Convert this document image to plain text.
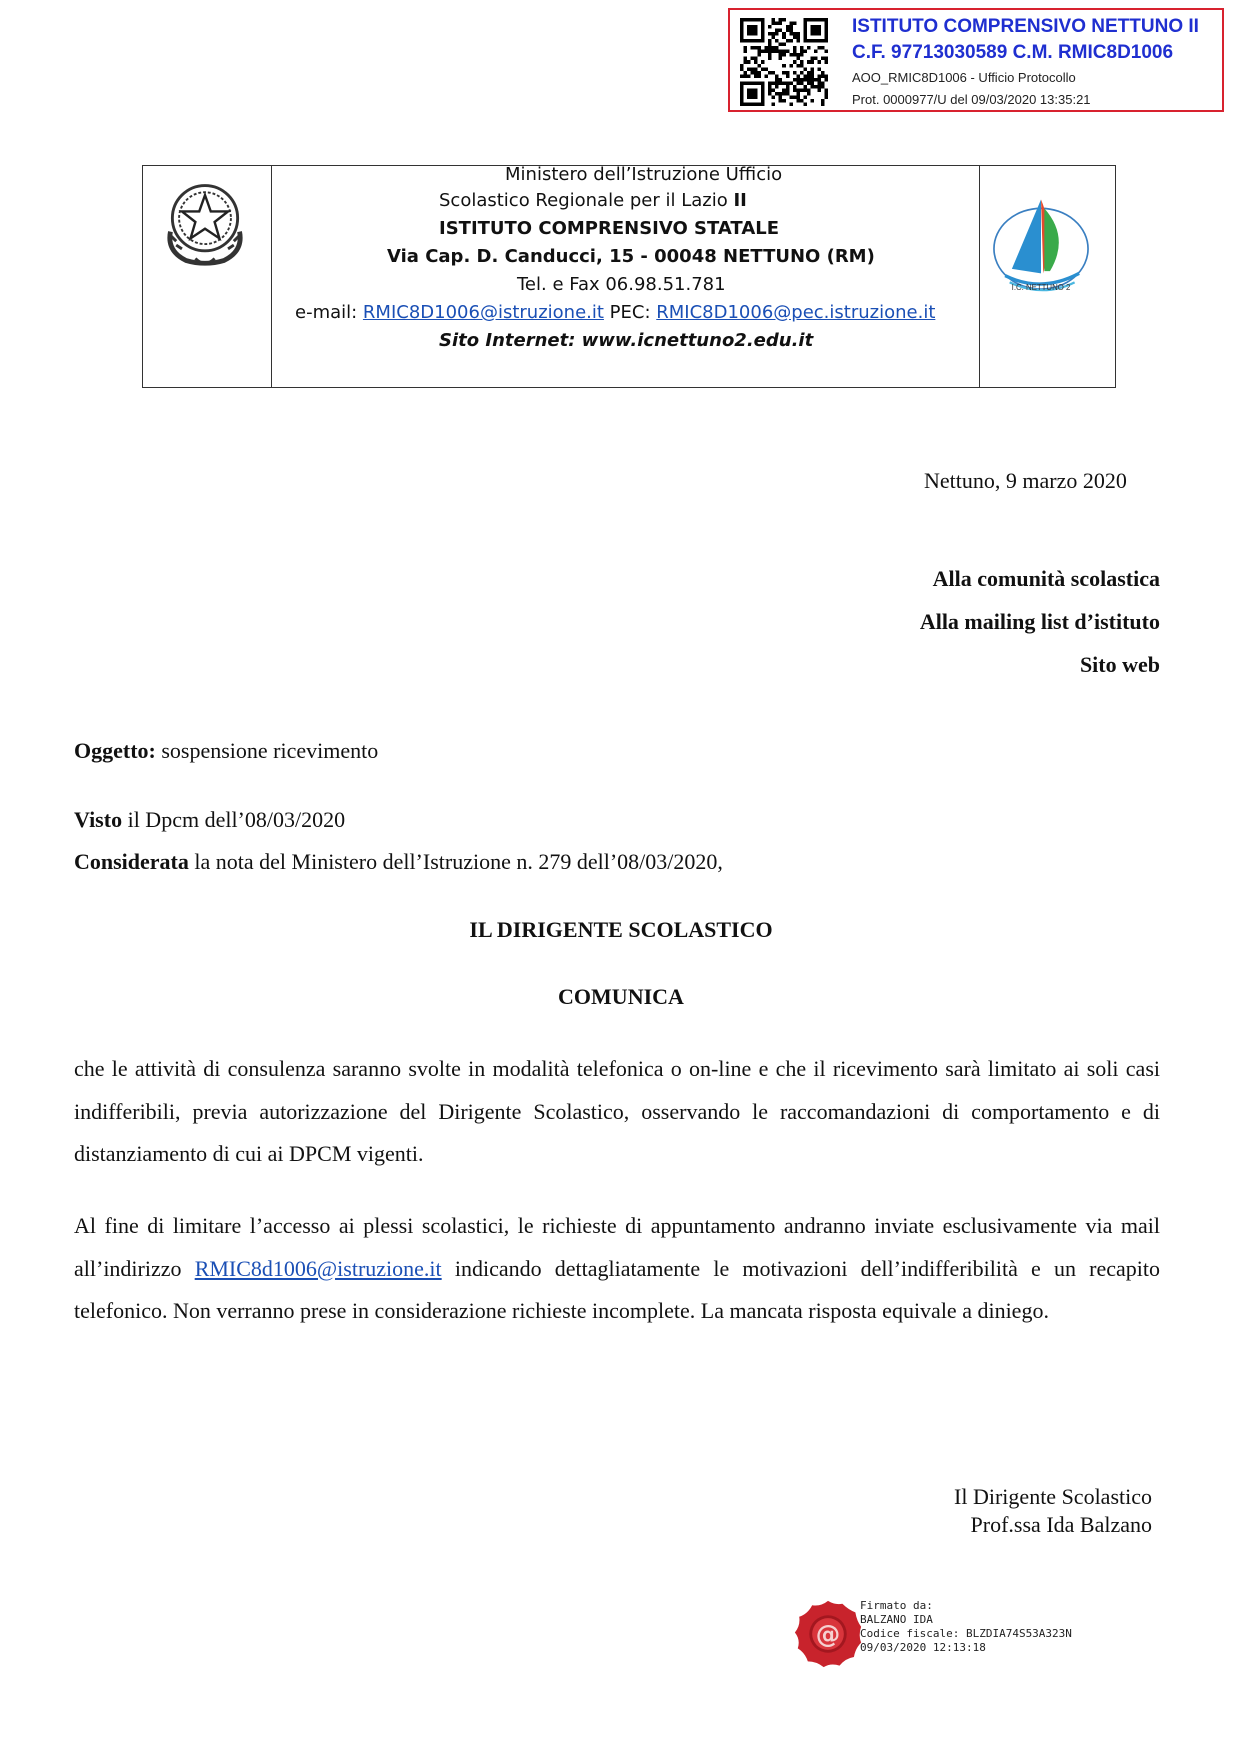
ISTITUTO COMPRENSIVO NETTUNO II
C.F. 97713030589 C.M. RMIC8D1006
AOO_RMIC8D1006 - Ufficio Protocollo
Prot. 0000977/U del 09/03/2020 13:35:21
Ministero dell’Istruzione Ufficio
Scolastico Regionale per il Lazio II
ISTITUTO COMPRENSIVO STATALE
Via Cap. D. Canducci, 15 - 00048 NETTUNO (RM)
Tel. e Fax 06.98.51.781
e-mail: RMIC8D1006@istruzione.it PEC: RMIC8D1006@pec.istruzione.it
Sito Internet: www.icnettuno2.edu.it
I.C. NETTUNO 2
Nettuno, 9 marzo 2020
Alla comunità scolastica
Alla mailing list d’istituto
Sito web
Oggetto: sospensione ricevimento
Visto il Dpcm dell’08/03/2020
Considerata la nota del Ministero dell’Istruzione n. 279 dell’08/03/2020,
IL DIRIGENTE SCOLASTICO
COMUNICA
che le attività di consulenza saranno svolte in modalità telefonica o on-line e che il ricevimento sarà limitato ai soli casi indifferibili, previa autorizzazione del Dirigente Scolastico, osservando le raccomandazioni di comportamento e di distanziamento di cui ai DPCM vigenti.
Al fine di limitare l’accesso ai plessi scolastici, le richieste di appuntamento andranno inviate esclusivamente via mail all’indirizzo RMIC8d1006@istruzione.it indicando dettagliatamente le motivazioni dell’indifferibilità e un recapito telefonico. Non verranno prese in considerazione richieste incomplete. La mancata risposta equivale a diniego.
Il Dirigente Scolastico
Prof.ssa Ida Balzano
@
Firmato da:
BALZANO IDA
Codice fiscale: BLZDIA74S53A323N
09/03/2020 12:13:18
